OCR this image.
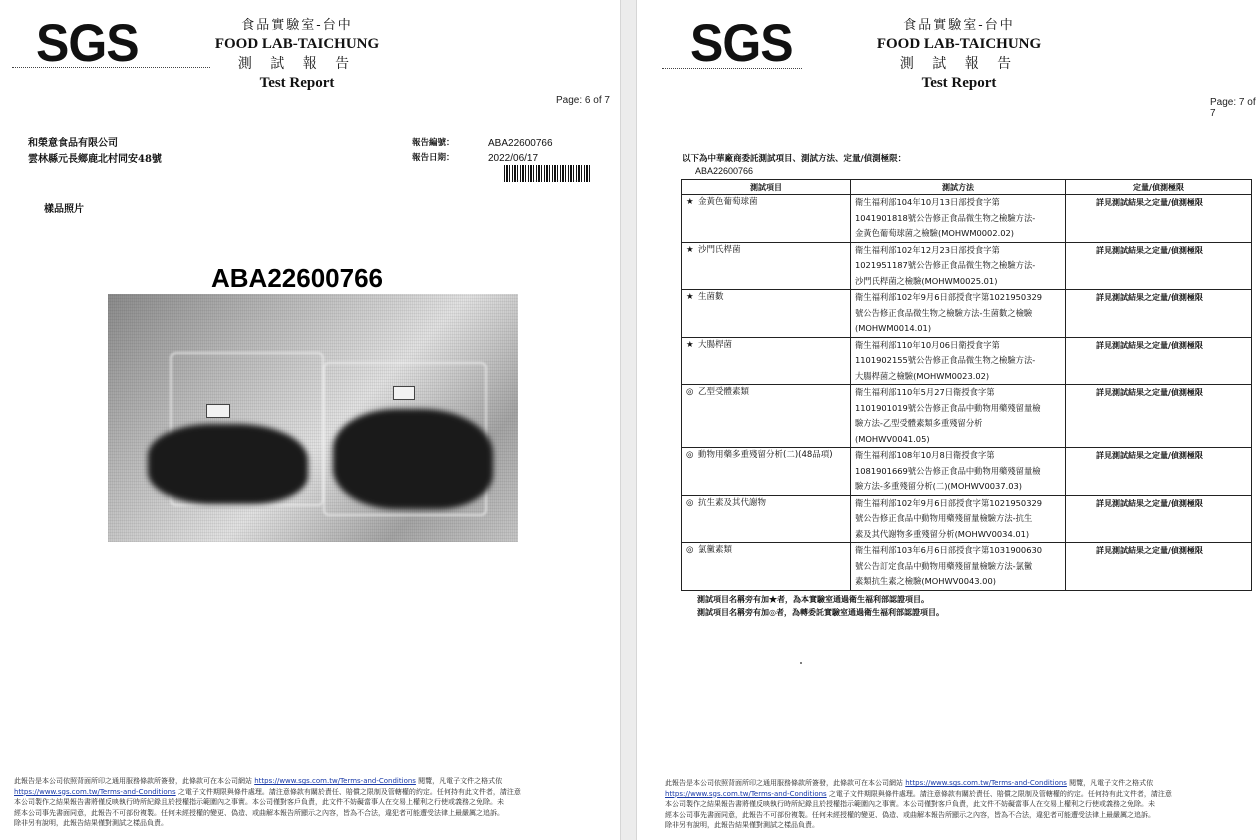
SGS	食品實驗室-台中
FOOD LAB-TAICHUNG
測 試 報 告
Test Report
Page: 6 of 7
和榮意食品有限公司
雲林縣元長鄉鹿北村同安48號
報告編號：
報告日期：
ABA22600766
2022/06/17
樣品照片
ABA22600766
此報告是本公司依照背面所印之通用服務條款所簽發，此條款可在本公司網站 https://www.sgs.com.tw/Terms-and-Conditions 閱覽，凡電子文件之格式依
https://www.sgs.com.tw/Terms-and-Conditions 之電子文件期限與條件處理。請注意條款有關於責任、賠償之限制及管轄權的約定。任何持有此文件者，請注意
本公司製作之結果報告書將僅反映執行時所紀錄且於授權指示範圍內之事實。本公司僅對客戶負責，此文件不妨礙當事人在交易上權利之行使或義務之免除。未
經本公司事先書面同意，此報告不可部份複製。任何未經授權的變更、偽造、或曲解本報告所顯示之內容，皆為不合法，違犯者可能遭受法律上最嚴厲之追訴。
除非另有說明，此報告結果僅對測試之樣品負責。
SGS	食品實驗室-台中
FOOD LAB-TAICHUNG
測 試 報 告
Test Report
Page: 7 of 7
以下為中華廠商委託測試項目、測試方法、定量/偵測極限：
ABA22600766
測試項目名稱旁有加★者，為本實驗室通過衛生福利部認證項目。
測試項目名稱旁有加◎者，為轉委託實驗室通過衛生福利部認證項目。
此報告是本公司依照背面所印之通用服務條款所簽發，此條款可在本公司網站 https://www.sgs.com.tw/Terms-and-Conditions 閱覽，凡電子文件之格式依
https://www.sgs.com.tw/Terms-and-Conditions 之電子文件期限與條件處理。請注意條款有關於責任、賠償之限制及管轄權的約定。任何持有此文件者，請注意
本公司製作之結果報告書將僅反映執行時所紀錄且於授權指示範圍內之事實。本公司僅對客戶負責，此文件不妨礙當事人在交易上權利之行使或義務之免除。未
經本公司事先書面同意，此報告不可部份複製。任何未經授權的變更、偽造、或曲解本報告所顯示之內容，皆為不合法，違犯者可能遭受法律上最嚴厲之追訴。
除非另有說明，此報告結果僅對測試之樣品負責。
測試項目	測試方法	定量/偵測極限
★ 金黃色葡萄球菌	衛生福利部104年10月13日部授食字第
1041901818號公告修正食品微生物之檢驗方法-
金黃色葡萄球菌之檢驗(MOHWM0002.02)	詳見測試結果之定量/偵測極限
★ 沙門氏桿菌	衛生福利部102年12月23日部授食字第
1021951187號公告修正食品微生物之檢驗方法-
沙門氏桿菌之檢驗(MOHWM0025.01)	詳見測試結果之定量/偵測極限
★ 生菌數	衛生福利部102年9月6日部授食字第1021950329
號公告修正食品微生物之檢驗方法-生菌數之檢驗
(MOHWM0014.01)	詳見測試結果之定量/偵測極限
★ 大腸桿菌	衛生福利部110年10月06日衛授食字第
1101902155號公告修正食品微生物之檢驗方法-
大腸桿菌之檢驗(MOHWM0023.02)	詳見測試結果之定量/偵測極限
◎ 乙型受體素類	衛生福利部110年5月27日衛授食字第
1101901019號公告修正食品中動物用藥殘留量檢
驗方法-乙型受體素類多重殘留分析
(MOHWV0041.05)	詳見測試結果之定量/偵測極限
◎ 動物用藥多重殘留分析(二)(48品項)	衛生福利部108年10月8日衛授食字第
1081901669號公告修正食品中動物用藥殘留量檢
驗方法-多重殘留分析(二)(MOHWV0037.03)	詳見測試結果之定量/偵測極限
◎ 抗生素及其代謝物	衛生福利部102年9月6日部授食字第1021950329
號公告修正食品中動物用藥殘留量檢驗方法-抗生
素及其代謝物多重殘留分析(MOHWV0034.01)	詳見測試結果之定量/偵測極限
◎ 氯黴素類	衛生福利部103年6月6日部授食字第1031900630
號公告訂定食品中動物用藥殘留量檢驗方法-氯黴
素類抗生素之檢驗(MOHWV0043.00)	詳見測試結果之定量/偵測極限
